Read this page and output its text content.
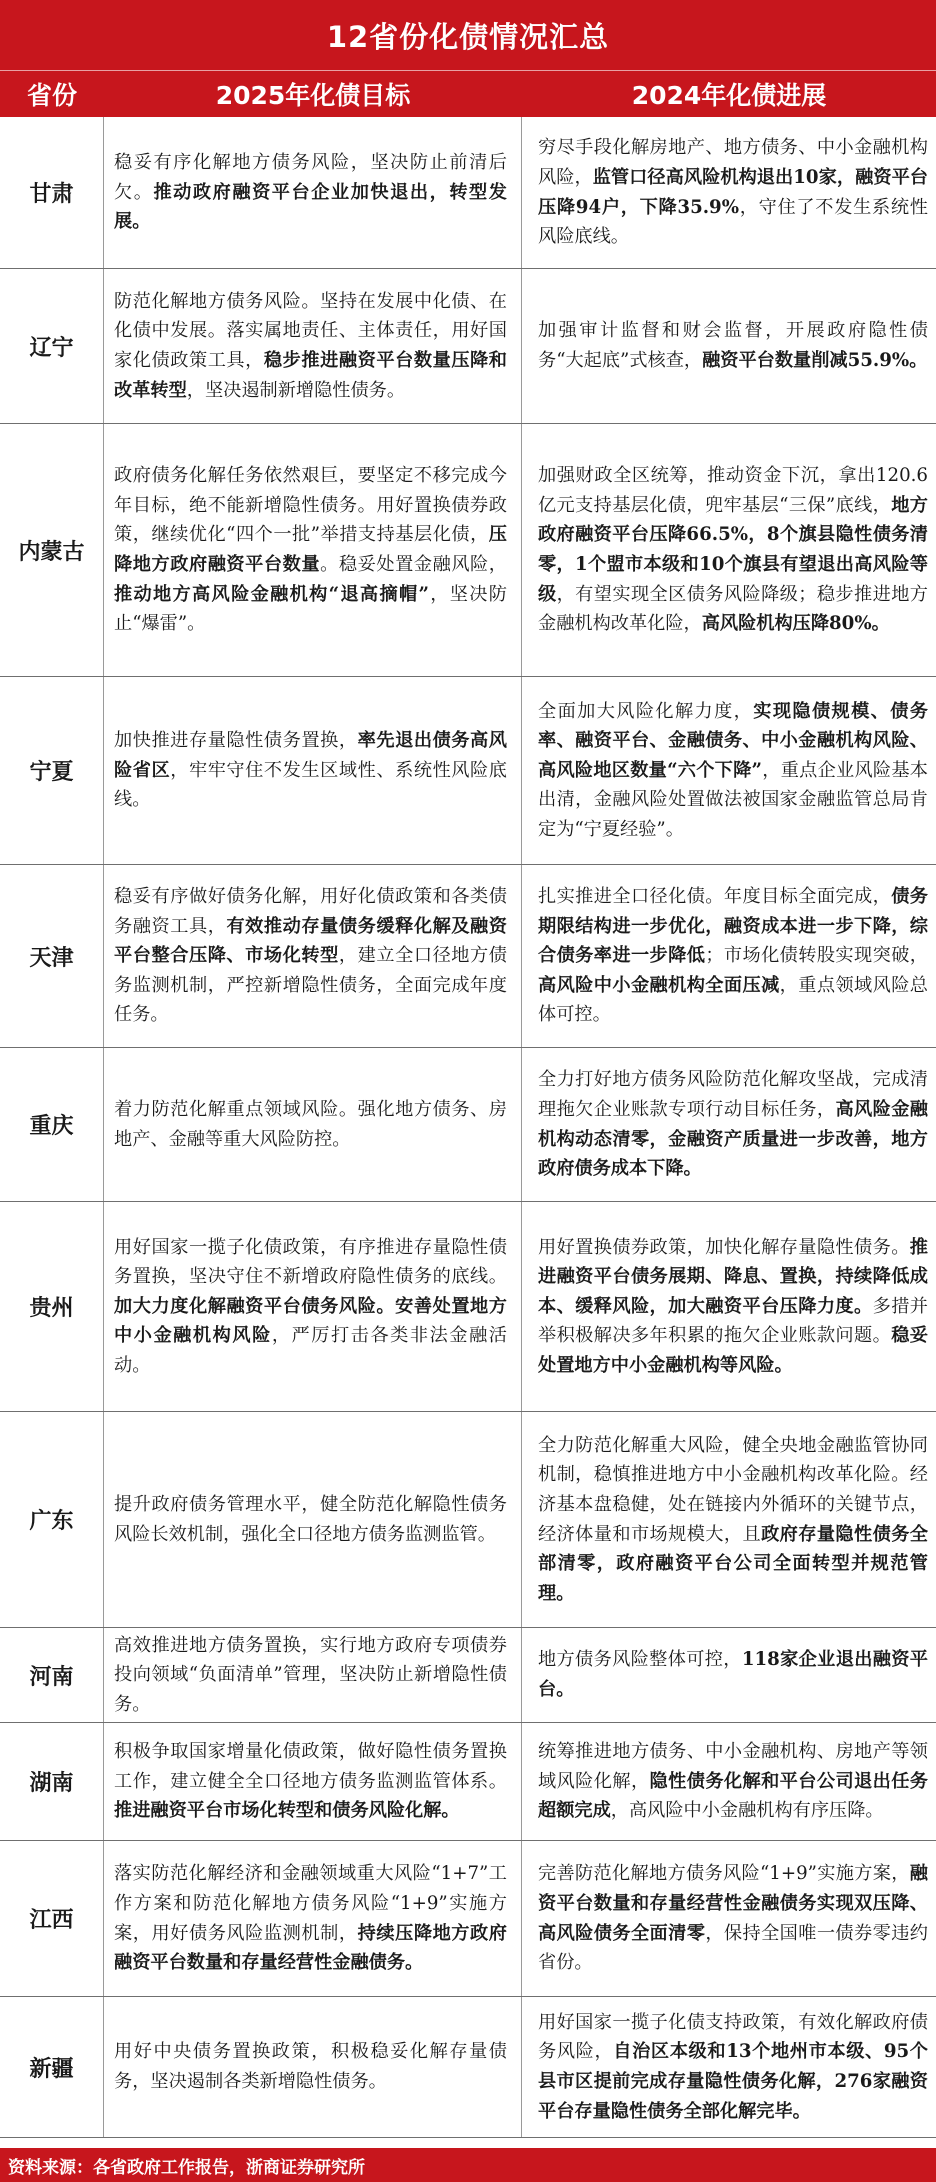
12省份化债情况汇总
省份	2025年化债目标	2024年化债进展
甘肃
稳妥有序化解地方债务风险，坚决防止前清后欠。推动政府融资平台企业加快退出，转型发展。
穷尽手段化解房地产、地方债务、中小金融机构风险，监管口径高风险机构退出10家，融资平台压降94户，下降35.9%，守住了不发生系统性风险底线。
辽宁
防范化解地方债务风险。坚持在发展中化债、在化债中发展。落实属地责任、主体责任，用好国家化债政策工具，稳步推进融资平台数量压降和改革转型，坚决遏制新增隐性债务。
加强审计监督和财会监督，开展政府隐性债务“大起底”式核查，融资平台数量削减55.9%。
内蒙古
政府债务化解任务依然艰巨，要坚定不移完成今年目标，绝不能新增隐性债务。用好置换债券政策，继续优化“四个一批”举措支持基层化债，压降地方政府融资平台数量。稳妥处置金融风险，推动地方高风险金融机构“退高摘帽”，坚决防止“爆雷”。
加强财政全区统筹，推动资金下沉，拿出120.6亿元支持基层化债，兜牢基层“三保”底线，地方政府融资平台压降66.5%，8个旗县隐性债务清零，1个盟市本级和10个旗县有望退出高风险等级，有望实现全区债务风险降级；稳步推进地方金融机构改革化险，高风险机构压降80%。
宁夏
加快推进存量隐性债务置换，率先退出债务高风险省区，牢牢守住不发生区域性、系统性风险底线。
全面加大风险化解力度，实现隐债规模、债务率、融资平台、金融债务、中小金融机构风险、高风险地区数量“六个下降”，重点企业风险基本出清，金融风险处置做法被国家金融监管总局肯定为“宁夏经验”。
天津
稳妥有序做好债务化解，用好化债政策和各类债务融资工具，有效推动存量债务缓释化解及融资平台整合压降、市场化转型，建立全口径地方债务监测机制，严控新增隐性债务，全面完成年度任务。
扎实推进全口径化债。年度目标全面完成，债务期限结构进一步优化，融资成本进一步下降，综合债务率进一步降低；市场化债转股实现突破，高风险中小金融机构全面压减，重点领域风险总体可控。
重庆
着力防范化解重点领域风险。强化地方债务、房地产、金融等重大风险防控。
全力打好地方债务风险防范化解攻坚战，完成清理拖欠企业账款专项行动目标任务，高风险金融机构动态清零，金融资产质量进一步改善，地方政府债务成本下降。
贵州
用好国家一揽子化债政策，有序推进存量隐性债务置换，坚决守住不新增政府隐性债务的底线。加大力度化解融资平台债务风险。安善处置地方中小金融机构风险，严厉打击各类非法金融活动。
用好置换债券政策，加快化解存量隐性债务。推进融资平台债务展期、降息、置换，持续降低成本、缓释风险，加大融资平台压降力度。多措并举积极解决多年积累的拖欠企业账款问题。稳妥处置地方中小金融机构等风险。
广东
提升政府债务管理水平，健全防范化解隐性债务风险长效机制，强化全口径地方债务监测监管。
全力防范化解重大风险，健全央地金融监管协同机制，稳慎推进地方中小金融机构改革化险。经济基本盘稳健，处在链接内外循环的关键节点，经济体量和市场规模大，且政府存量隐性债务全部清零，政府融资平台公司全面转型并规范管理。
河南
高效推进地方债务置换，实行地方政府专项债券投向领域“负面清单”管理，坚决防止新增隐性债务。
地方债务风险整体可控，118家企业退出融资平台。
湖南
积极争取国家增量化债政策，做好隐性债务置换工作，建立健全全口径地方债务监测监管体系。推进融资平台市场化转型和债务风险化解。
统筹推进地方债务、中小金融机构、房地产等领域风险化解，隐性债务化解和平台公司退出任务超额完成，高风险中小金融机构有序压降。
江西
落实防范化解经济和金融领域重大风险“1+7”工作方案和防范化解地方债务风险“1+9”实施方案，用好债务风险监测机制，持续压降地方政府融资平台数量和存量经营性金融债务。
完善防范化解地方债务风险“1+9”实施方案，融资平台数量和存量经营性金融债务实现双压降、高风险债务全面清零，保持全国唯一债券零违约省份。
新疆
用好中央债务置换政策，积极稳妥化解存量债务，坚决遏制各类新增隐性债务。
用好国家一揽子化债支持政策，有效化解政府债务风险，自治区本级和13个地州市本级、95个县市区提前完成存量隐性债务化解，276家融资平台存量隐性债务全部化解完毕。
资料来源：各省政府工作报告，浙商证券研究所
